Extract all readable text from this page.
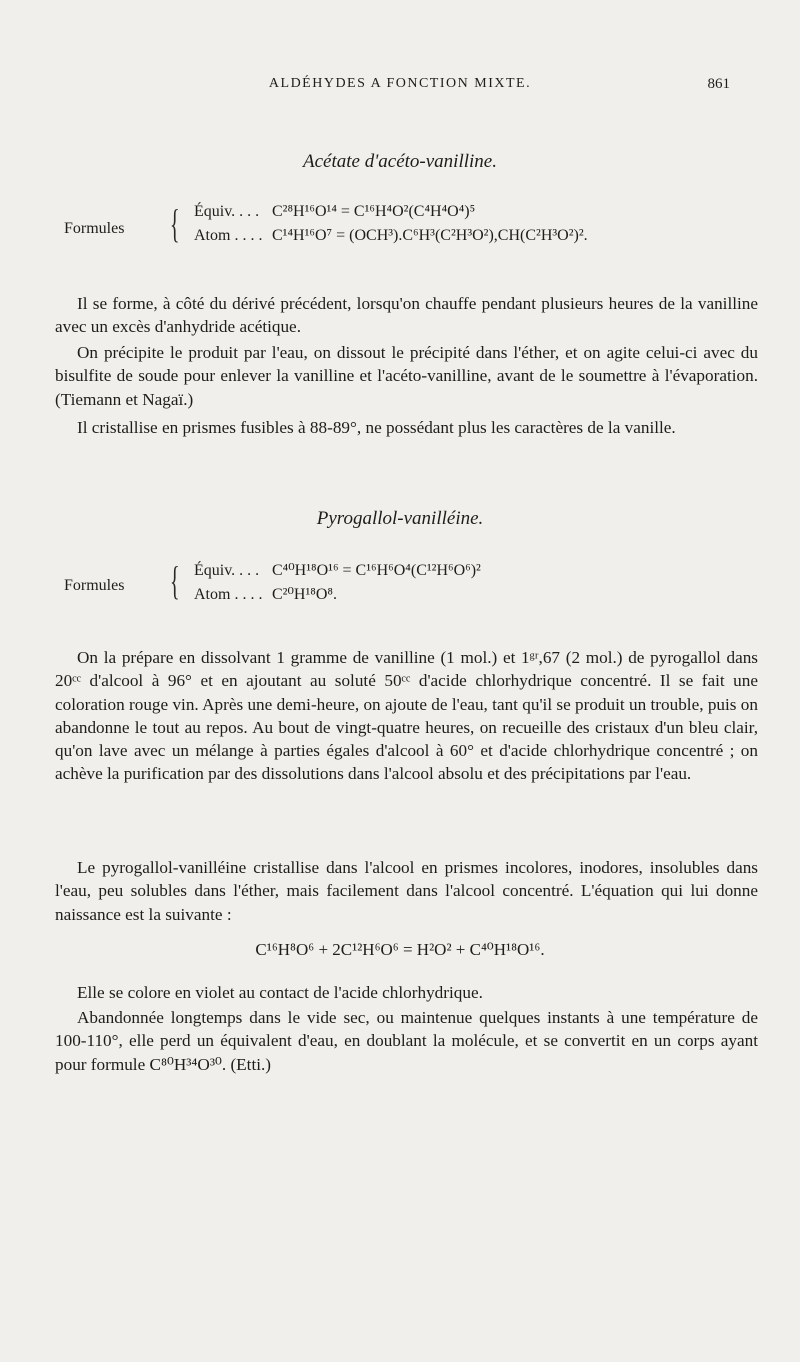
ALDÉHYDES A FONCTION MIXTE.	861
Acétate d'acéto-vanilline.
Formules { Équiv. . . . C²⁸H¹⁶O¹⁴ = C¹⁶H⁴O²(C⁴H⁴O⁴)⁵
Atom . . . . C¹⁴H¹⁶O⁷ = (OCH³).C⁶H³(C²H³O²),CH(C²H³O²)².

Il se forme, à côté du dérivé précédent, lorsqu'on chauffe pendant plusieurs heures de la vanilline avec un excès d'anhydride acétique.

On précipite le produit par l'eau, on dissout le précipité dans l'éther, et on agite celui-ci avec du bisulfite de soude pour enlever la vanilline et l'acéto-vanilline, avant de le soumettre à l'évaporation. (Tiemann et Nagaï.)

Il cristallise en prismes fusibles à 88-89°, ne possédant plus les caractères de la vanille.

Pyrogallol-vanilléine.
Formules { Équiv. . . . C⁴⁰H¹⁸O¹⁶ = C¹⁶H⁶O⁴(C¹²H⁶O⁶)²
Atom . . . . C²⁰H¹⁸O⁸.

On la prépare en dissolvant 1 gramme de vanilline (1 mol.) et 1ᵍʳ,67 (2 mol.) de pyrogallol dans 20ᶜᶜ d'alcool à 96° et en ajoutant au soluté 50ᶜᶜ d'acide chlorhydrique concentré. Il se fait une coloration rouge vin. Après une demi-heure, on ajoute de l'eau, tant qu'il se produit un trouble, puis on abandonne le tout au repos. Au bout de vingt-quatre heures, on recueille des cristaux d'un bleu clair, qu'on lave avec un mélange à parties égales d'alcool à 60° et d'acide chlorhydrique concentré ; on achève la purification par des dissolutions dans l'alcool absolu et des précipitations par l'eau.

Le pyrogallol-vanilléine cristallise dans l'alcool en prismes incolores, inodores, insolubles dans l'eau, peu solubles dans l'éther, mais facilement dans l'alcool concentré. L'équation qui lui donne naissance est la suivante :

C¹⁶H⁸O⁶ + 2C¹²H⁶O⁶ = H²O² + C⁴⁰H¹⁸O¹⁶.

Elle se colore en violet au contact de l'acide chlorhydrique.

Abandonnée longtemps dans le vide sec, ou maintenue quelques instants à une température de 100-110°, elle perd un équivalent d'eau, en doublant la molécule, et se convertit en un corps ayant pour formule C⁸⁰H³⁴O³⁰. (Etti.)
